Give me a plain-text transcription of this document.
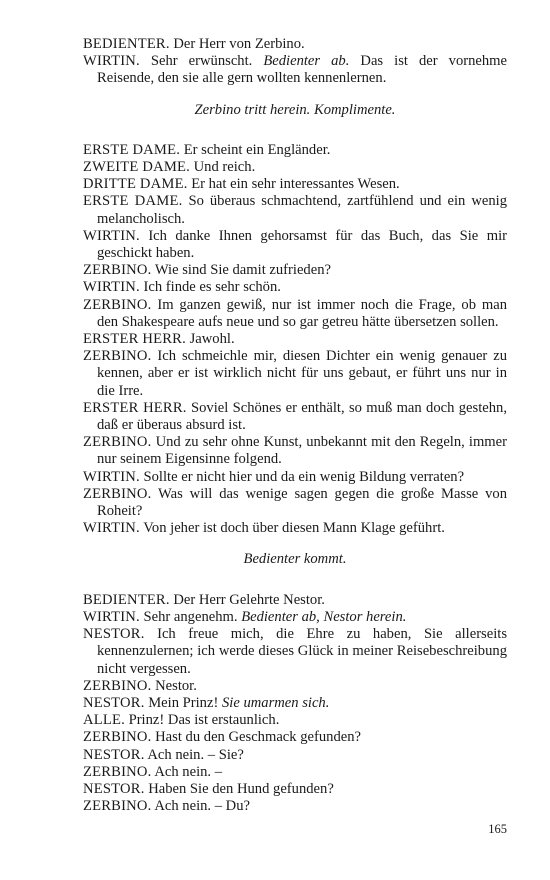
BEDIENTER. Der Herr von Zerbino.

WIRTIN. Sehr erwünscht. Bedienter ab. Das ist der vornehme Reisende, den sie alle gern wollten kennenlernen.

Zerbino tritt herein. Komplimente.

ERSTE DAME. Er scheint ein Engländer.

ZWEITE DAME. Und reich.

DRITTE DAME. Er hat ein sehr interessantes Wesen.

ERSTE DAME. So überaus schmachtend, zartfühlend und ein wenig melancholisch.

WIRTIN. Ich danke Ihnen gehorsamst für das Buch, das Sie mir geschickt haben.

ZERBINO. Wie sind Sie damit zufrieden?

WIRTIN. Ich finde es sehr schön.

ZERBINO. Im ganzen gewiß, nur ist immer noch die Frage, ob man den Shakespeare aufs neue und so gar getreu hätte übersetzen sollen.

ERSTER HERR. Jawohl.

ZERBINO. Ich schmeichle mir, diesen Dichter ein wenig genauer zu kennen, aber er ist wirklich nicht für uns gebaut, er führt uns nur in die Irre.

ERSTER HERR. Soviel Schönes er enthält, so muß man doch gestehn, daß er überaus absurd ist.

ZERBINO. Und zu sehr ohne Kunst, unbekannt mit den Regeln, immer nur seinem Eigensinne folgend.

WIRTIN. Sollte er nicht hier und da ein wenig Bildung verraten?

ZERBINO. Was will das wenige sagen gegen die große Masse von Roheit?

WIRTIN. Von jeher ist doch über diesen Mann Klage geführt.

Bedienter kommt.

BEDIENTER. Der Herr Gelehrte Nestor.

WIRTIN. Sehr angenehm. Bedienter ab, Nestor herein.

NESTOR. Ich freue mich, die Ehre zu haben, Sie allerseits kennenzulernen; ich werde dieses Glück in meiner Reisebeschreibung nicht vergessen.

ZERBINO. Nestor.

NESTOR. Mein Prinz! Sie umarmen sich.

ALLE. Prinz! Das ist erstaunlich.

ZERBINO. Hast du den Geschmack gefunden?

NESTOR. Ach nein. – Sie?

ZERBINO. Ach nein. –

NESTOR. Haben Sie den Hund gefunden?

ZERBINO. Ach nein. – Du?

165
